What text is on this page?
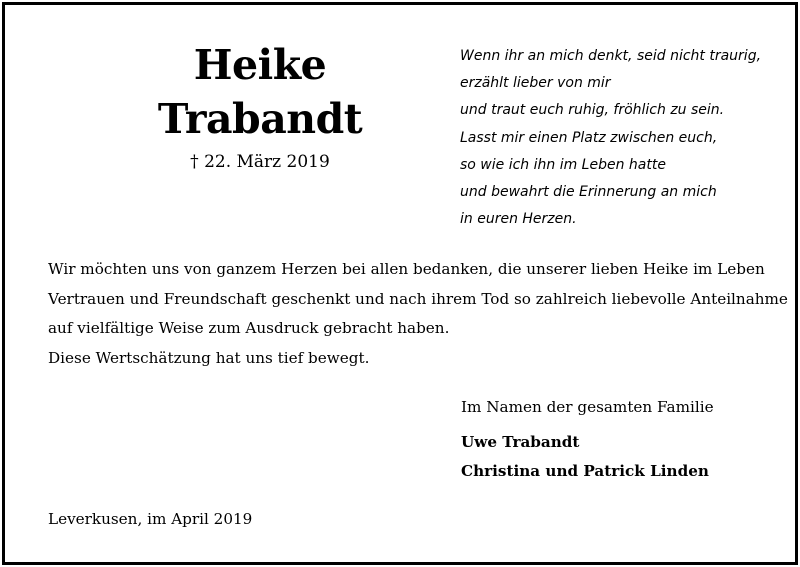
Heike
Trabandt
† 22. März 2019
Wenn ihr an mich denkt, seid nicht traurig,
erzählt lieber von mir
und traut euch ruhig, fröhlich zu sein.
Lasst mir einen Platz zwischen euch,
so wie ich ihn im Leben hatte
und bewahrt die Erinnerung an mich
in euren Herzen.
Wir möchten uns von ganzem Herzen bei allen bedanken, die unserer lieben Heike im Leben
Vertrauen und Freundschaft geschenkt und nach ihrem Tod so zahlreich liebevolle Anteilnahme
auf vielfältige Weise zum Ausdruck gebracht haben.
Diese Wertschätzung hat uns tief bewegt.
Im Namen der gesamten Familie
Uwe Trabandt
Christina und Patrick Linden
Leverkusen, im April 2019
